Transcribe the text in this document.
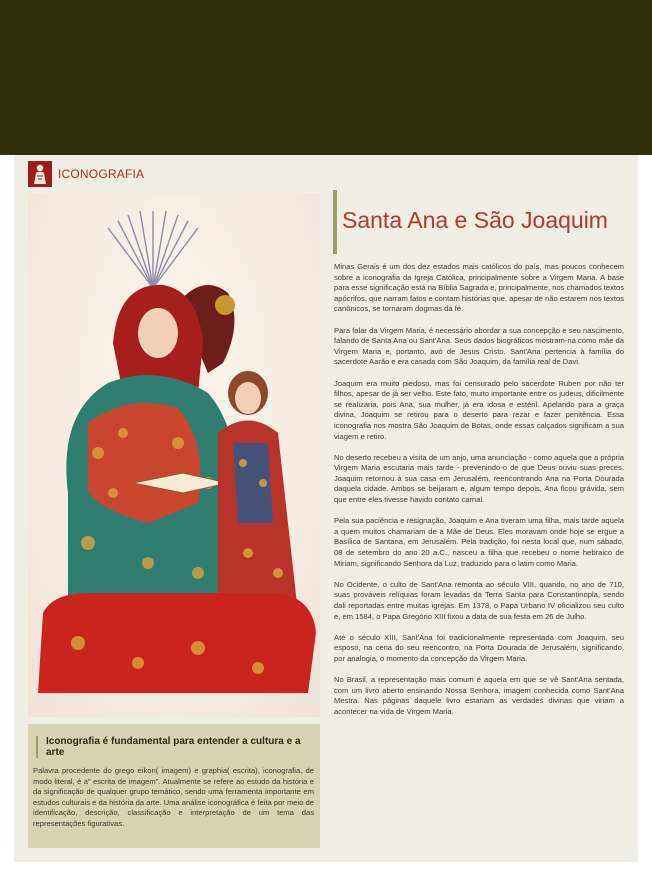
ICONOGRAFIA
Iconografia é fundamental para entender a cultura e a arte
Palavra procedente do grego eikon( imagem) e graphia( escrita), iconografia, de modo literal, é a" escrita de imagem". Atualmente se refere ao estudo da história e da significação de qualquer grupo temático, sendo uma ferramenta importante em estudos culturais e da história da arte. Uma análise iconográfica é feita por meio de identificação, descrição, classificação e interpretação de um tema das representações figurativas.
Santa Ana e São Joaquim

Minas Gerais é um dos dez estados mais católicos do país, mas poucos conhecem sobre a iconografia da Igreja Católica, principalmente sobre a Virgem Maria. A base para esse significação está na Bíblia Sagrada e, principalmente, nos chamados textos apócrifos, que narram fatos e contam histórias que, apesar de não estarem nos textos canônicos, se tornaram dogmas da fé.

Para falar da Virgem Maria, é necessário abordar a sua concepção e seu nascimento, falando de Santa Ana ou Sant'Ana. Seus dados biográficos mostram-na como mãe da Virgem Maria e, portanto, avó de Jesus Cristo. Sant'Ana pertencia à família do sacerdote Aarão e era casada com São Joaquim, da família real de Davi.

Joaquim era muito piedoso, mas foi censurado pelo sacerdote Ruben por não ter filhos, apesar de já ser velho. Este fato, muito importante entre os judeus, dificilmente se realizaria, pois Ana, sua mulher, já era idosa e estéril. Apelando para a graça divina, Joaquim se retirou para o deserto para rezar e fazer penitência. Essa iconografia nos mostra São Joaquim de Botas, onde essas calçados significam a sua viagem e retiro.

No deserto recebeu a visita de um anjo, uma anunciação - como aquela que a própria Virgem Maria escutaria mais tarde - prevenindo-o de que Deus ouviu suas preces. Joaquim retornou à sua casa em Jerusalém, reencontrando Ana na Porta Dourada daquela cidade. Ambos se beijaram e, algum tempo depois, Ana ficou grávida, sem que entre eles tivesse havido contato carnal.

Pela sua paciência e resignação, Joaquim e Ana tiveram uma filha, mais tarde aquela a quem muitos chamariam de a Mãe de Deus. Eles moravam onde hoje se ergue a Basílica de Santana, em Jerusalém. Pela tradição, foi nesta local que, num sábado, 08 de setembro do ano 20 a.C., nasceu a filha que recebeu o nome hebraico de Miriam, significando Senhora da Luz, traduzido para o latim como Maria.

No Ocidente, o culto de Sant'Ana remonta ao século VIII, quando, no ano de 710, suas prováveis relíquias foram levadas da Terra Santa para Constantinopla, sendo dali reportadas entre muitas igrejas. Em 1378, o Papa Urbano IV oficializou seu culto e, em 1584, o Papa Gregório XIII fixou a data de sua festa em 26 de Julho.

Até o século XIII, Sant'Ana foi tradicionalmente representada com Joaquim, seu esposo, na cena do seu reencontro, na Porta Dourada de Jerusalém, significando, por analogia, o momento da concepção da Virgem Maria.

No Brasil, a representação mais comum é aquela em que se vê Sant'Ana sentada, com um livro aberto ensinando Nossa Senhora, imagem conhecida como Sant'Ana Mestra. Nas páginas daquele livro estariam as verdades divinas que viriam a acontecer na vida de Virgem Maria.
